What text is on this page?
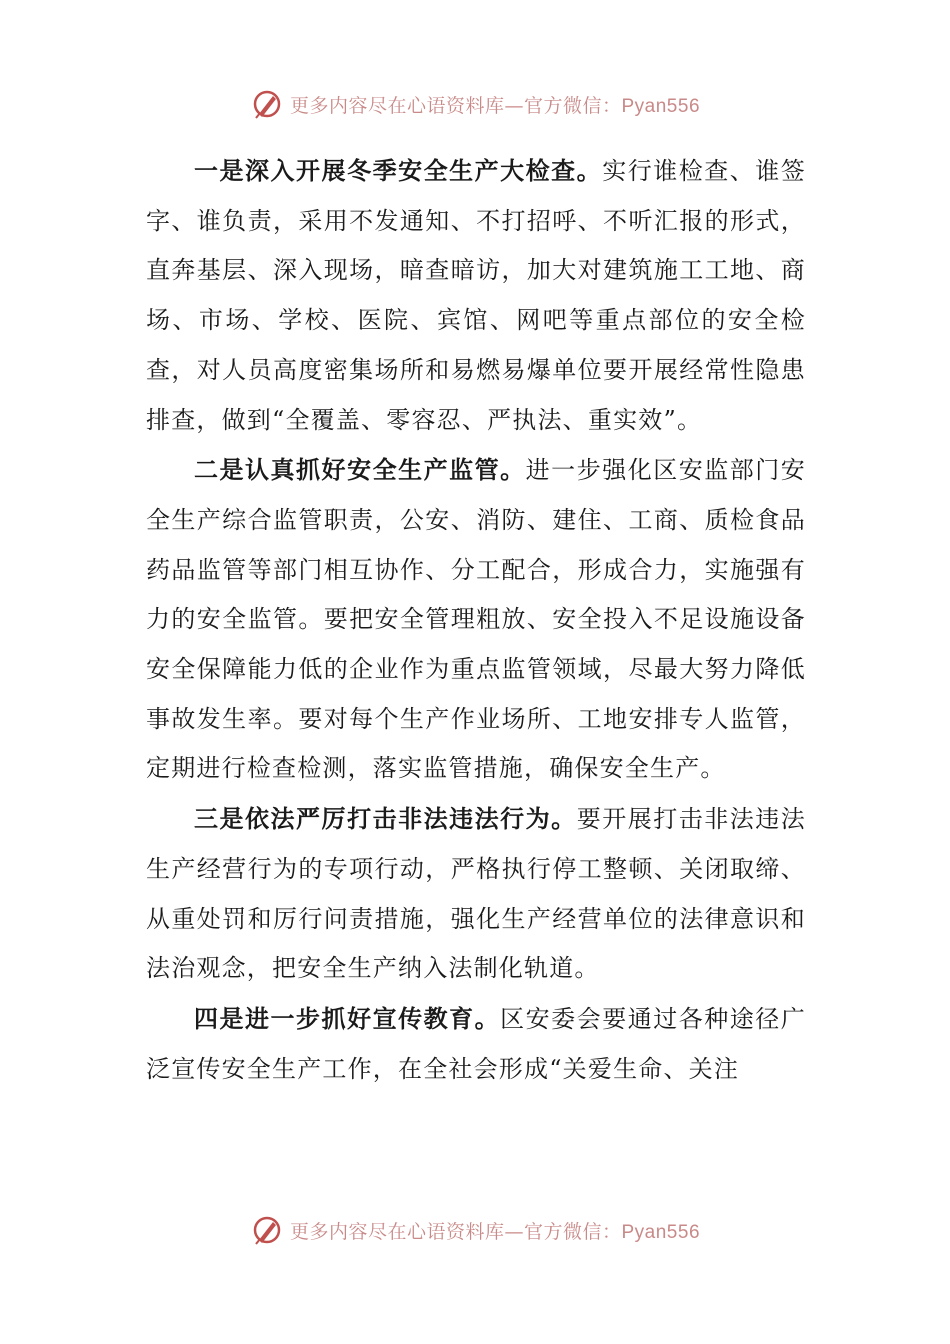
更多内容尽在心语资料库—官方微信：Pyan556

一是深入开展冬季安全生产大检查。实行谁检查、谁签字、谁负责，采用不发通知、不打招呼、不听汇报的形式，直奔基层、深入现场，暗查暗访，加大对建筑施工工地、商场、市场、学校、医院、宾馆、网吧等重点部位的安全检查，对人员高度密集场所和易燃易爆单位要开展经常性隐患排查，做到“全覆盖、零容忍、严执法、重实效”。

二是认真抓好安全生产监管。进一步强化区安监部门安全生产综合监管职责，公安、消防、建住、工商、质检食品药品监管等部门相互协作、分工配合，形成合力，实施强有力的安全监管。要把安全管理粗放、安全投入不足设施设备安全保障能力低的企业作为重点监管领域，尽最大努力降低事故发生率。要对每个生产作业场所、工地安排专人监管，定期进行检查检测，落实监管措施，确保安全生产。

三是依法严厉打击非法违法行为。要开展打击非法违法生产经营行为的专项行动，严格执行停工整顿、关闭取缔、从重处罚和厉行问责措施，强化生产经营单位的法律意识和法治观念，把安全生产纳入法制化轨道。

四是进一步抓好宣传教育。区安委会要通过各种途径广泛宣传安全生产工作，在全社会形成“关爱生命、关注

更多内容尽在心语资料库—官方微信：Pyan556
